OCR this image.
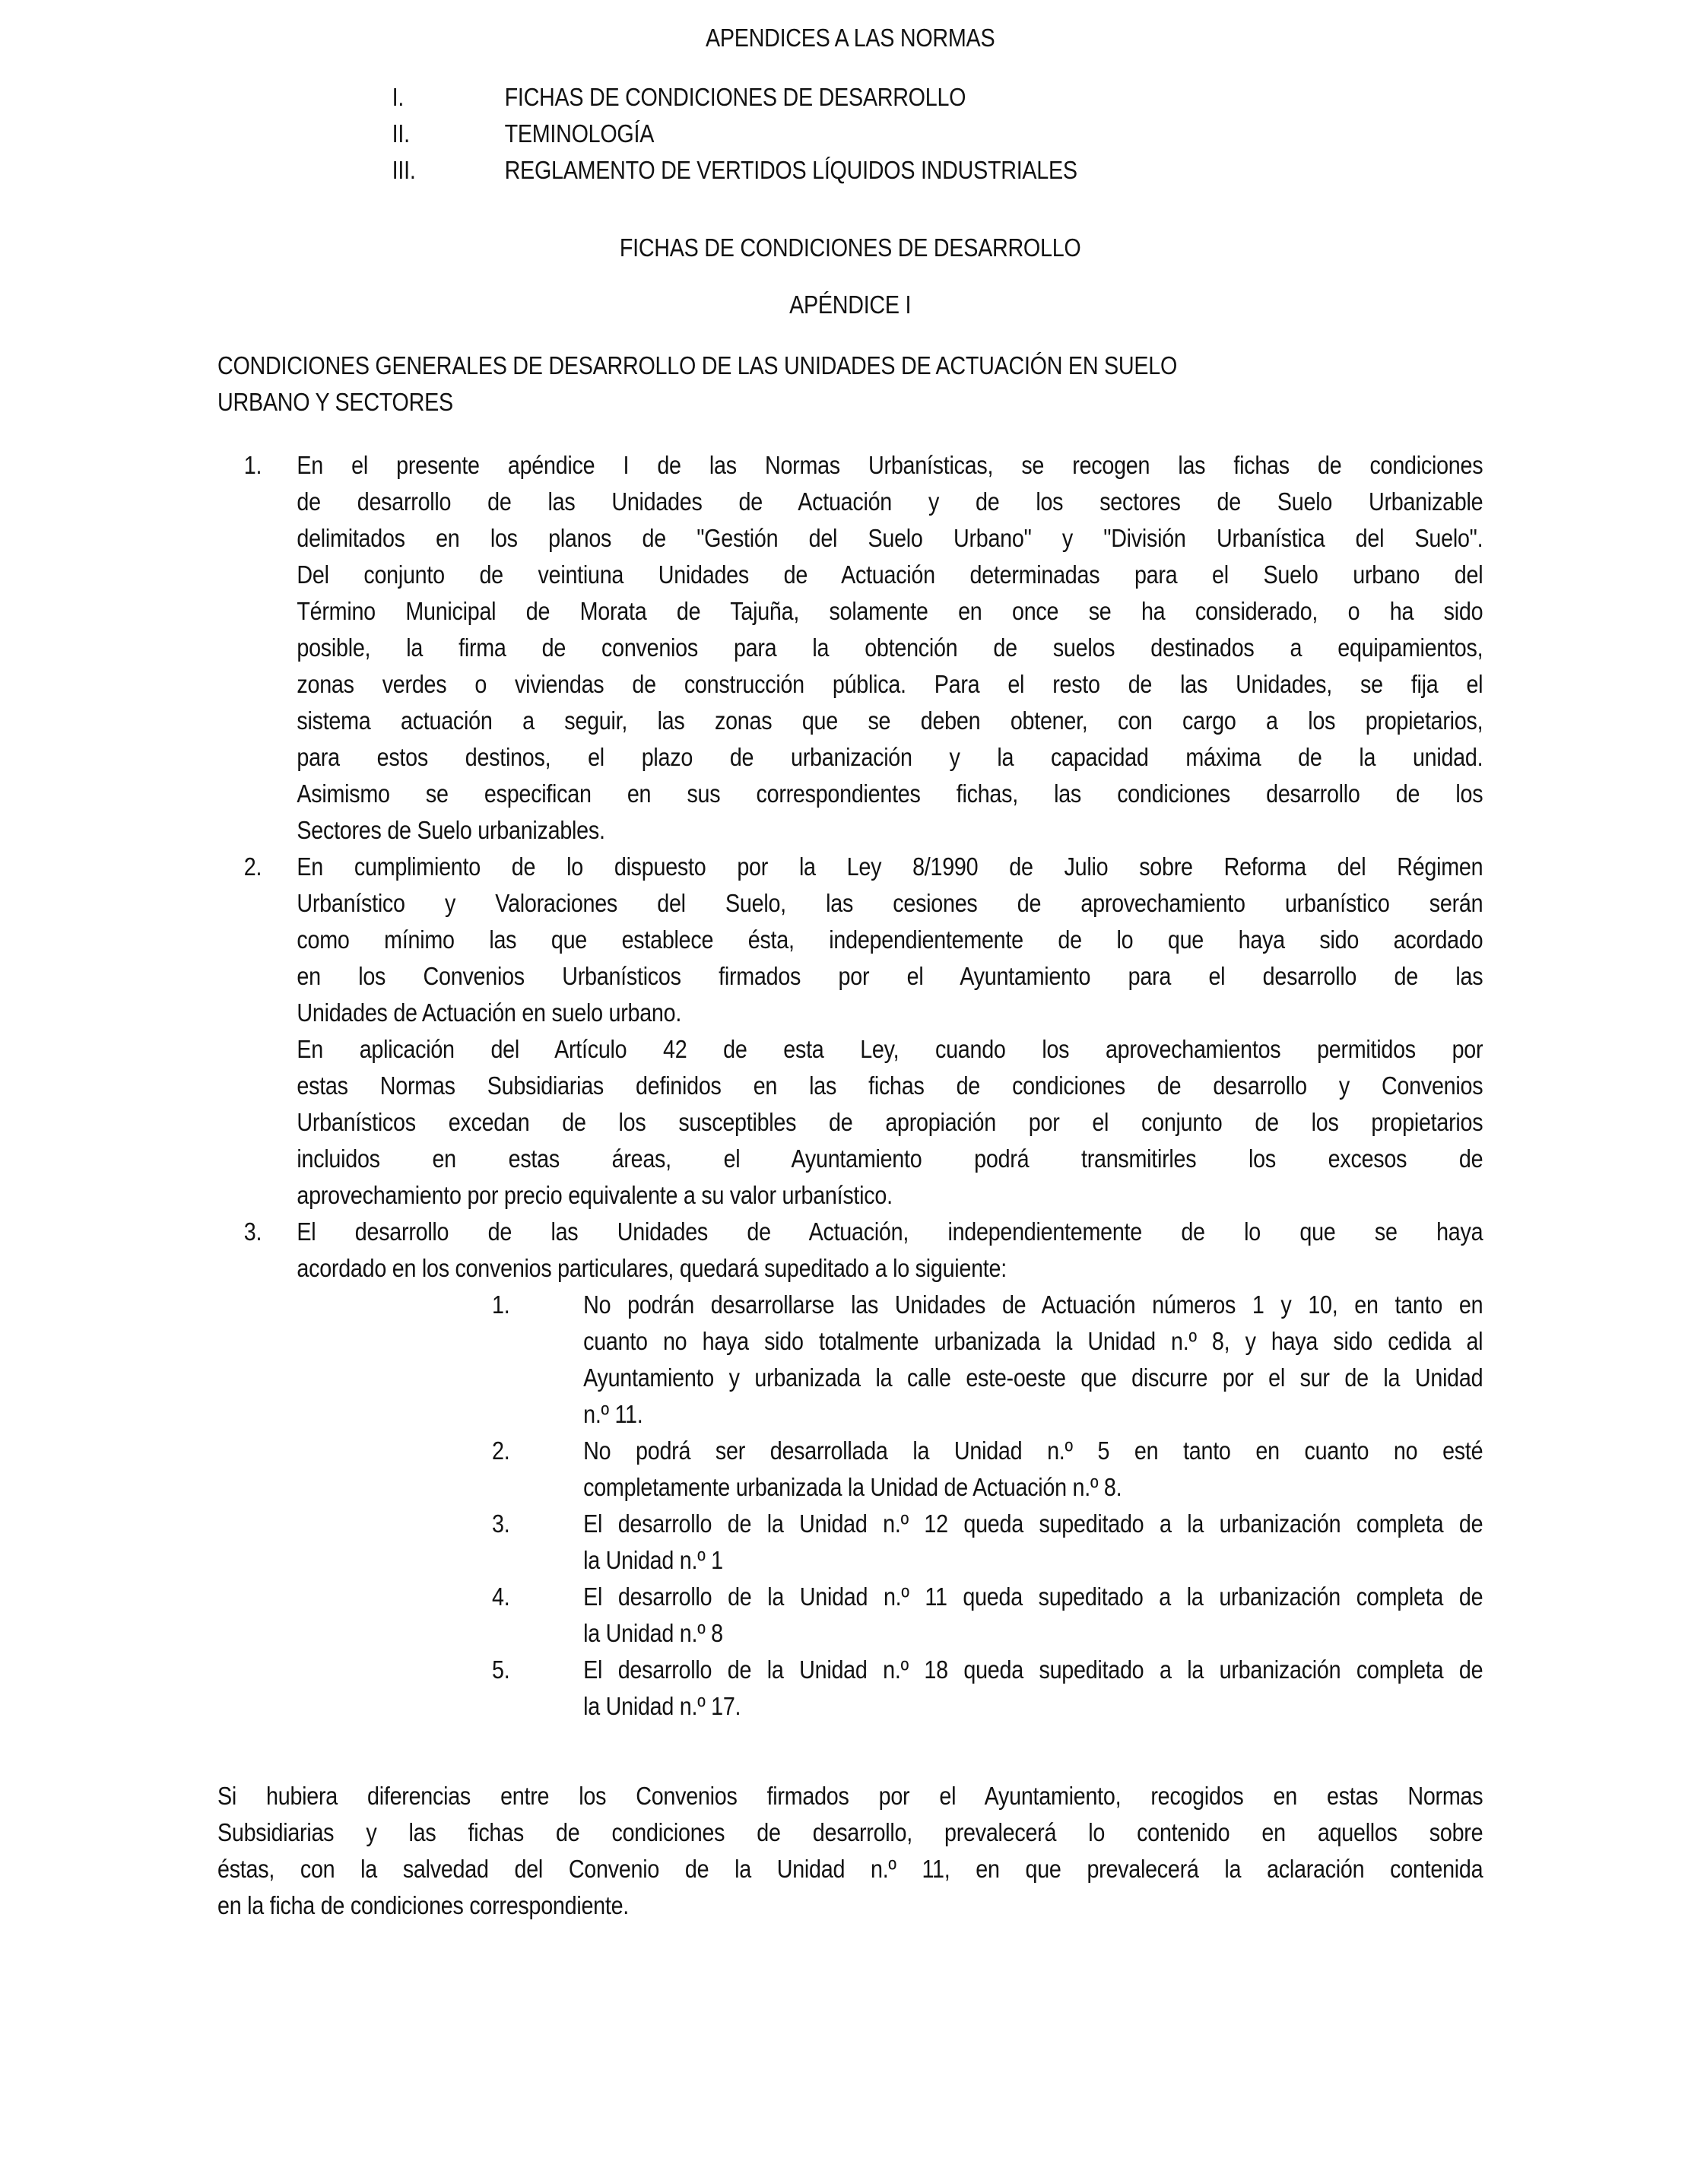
APENDICES A LAS NORMAS
I.	FICHAS DE CONDICIONES DE DESARROLLO
II.	TEMINOLOGÍA
III.	REGLAMENTO DE VERTIDOS LÍQUIDOS INDUSTRIALES
FICHAS DE CONDICIONES DE DESARROLLO
APÉNDICE I
CONDICIONES GENERALES DE DESARROLLO DE LAS UNIDADES DE ACTUACIÓN EN SUELO
URBANO Y SECTORES
1. En el presente apéndice I de las Normas Urbanísticas, se recogen las fichas de condiciones
de desarrollo de las Unidades de Actuación y de los sectores de Suelo Urbanizable
delimitados en los planos de "Gestión del Suelo Urbano" y "División Urbanística del Suelo".
Del conjunto de veintiuna Unidades de Actuación determinadas para el Suelo urbano del
Término Municipal de Morata de Tajuña, solamente en once se ha considerado, o ha sido
posible, la firma de convenios para la obtención de suelos destinados a equipamientos,
zonas verdes o viviendas de construcción pública. Para el resto de las Unidades, se fija el
sistema actuación a seguir, las zonas que se deben obtener, con cargo a los propietarios,
para estos destinos, el plazo de urbanización y la capacidad máxima de la unidad.
Asimismo se especifican en sus correspondientes fichas, las condiciones desarrollo de los
Sectores de Suelo urbanizables.
2. En cumplimiento de lo dispuesto por la Ley 8/1990 de Julio sobre Reforma del Régimen
Urbanístico y Valoraciones del Suelo, las cesiones de aprovechamiento urbanístico serán
como mínimo las que establece ésta, independientemente de lo que haya sido acordado
en los Convenios Urbanísticos firmados por el Ayuntamiento para el desarrollo de las
Unidades de Actuación en suelo urbano.
En aplicación del Artículo 42 de esta Ley, cuando los aprovechamientos permitidos por
estas Normas Subsidiarias definidos en las fichas de condiciones de desarrollo y Convenios
Urbanísticos excedan de los susceptibles de apropiación por el conjunto de los propietarios
incluidos en estas áreas, el Ayuntamiento podrá transmitirles los excesos de
aprovechamiento por precio equivalente a su valor urbanístico.
3. El desarrollo de las Unidades de Actuación, independientemente de lo que se haya
acordado en los convenios particulares, quedará supeditado a lo siguiente:
1.	No podrán desarrollarse las Unidades de Actuación números 1 y 10, en tanto en
cuanto no haya sido totalmente urbanizada la Unidad n.º 8, y haya sido cedida al
Ayuntamiento y urbanizada la calle este-oeste que discurre por el sur de la Unidad
n.º 11.
2.	No podrá ser desarrollada la Unidad n.º 5 en tanto en cuanto no esté
completamente urbanizada la Unidad de Actuación n.º 8.
3.	El desarrollo de la Unidad n.º 12 queda supeditado a la urbanización completa de
la Unidad n.º 1
4.	El desarrollo de la Unidad n.º 11 queda supeditado a la urbanización completa de
la Unidad n.º 8
5.	El desarrollo de la Unidad n.º 18 queda supeditado a la urbanización completa de
la Unidad n.º 17.
Si hubiera diferencias entre los Convenios firmados por el Ayuntamiento, recogidos en estas Normas
Subsidiarias y las fichas de condiciones de desarrollo, prevalecerá lo contenido en aquellos sobre
éstas, con la salvedad del Convenio de la Unidad n.º 11, en que prevalecerá la aclaración contenida
en la ficha de condiciones correspondiente.
